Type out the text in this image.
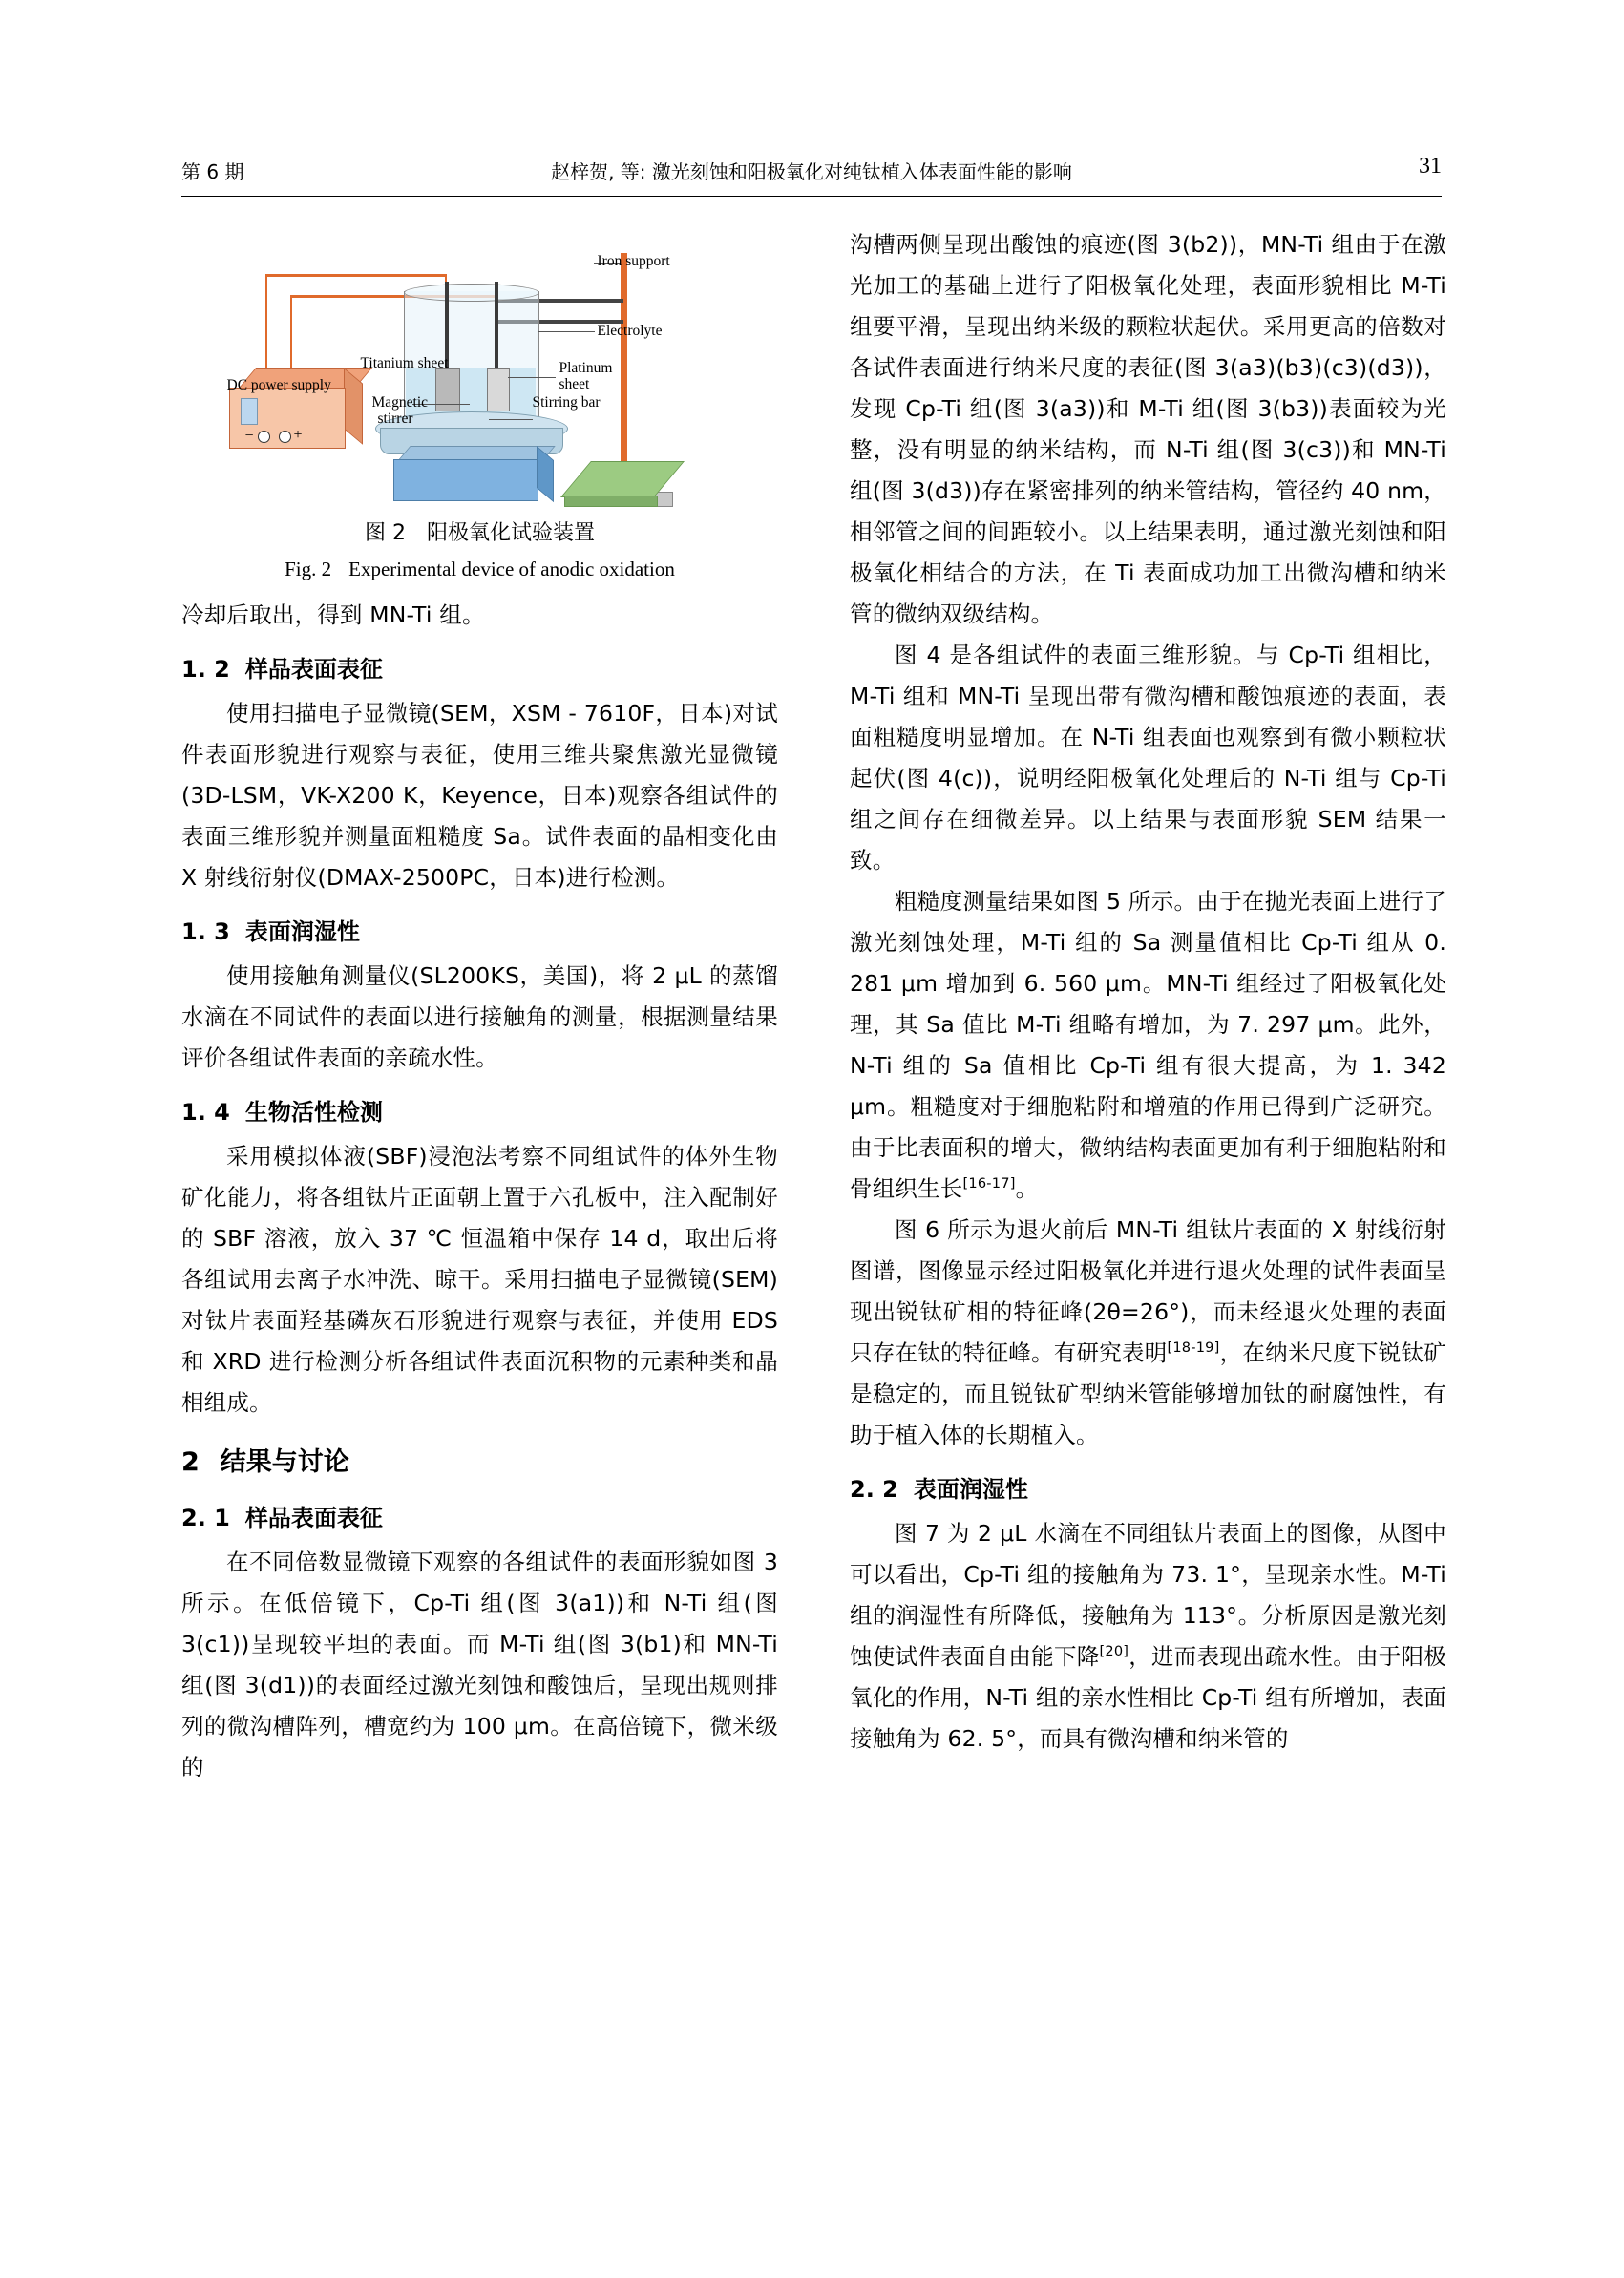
第 6 期	赵梓贺, 等: 激光刻蚀和阳极氧化对纯钛植入体表面性能的影响	31
−	+
Iron support
Electrolyte
Titanium sheet	Platinum
sheet
DC power supply
Magnetic
stirrer
Stirring bar
图 2 阳极氧化试验装置
Fig. 2 Experimental device of anodic oxidation

冷却后取出，得到 MN-Ti 组。

1. 2 样品表面表征

使用扫描电子显微镜(SEM，XSM - 7610F，日本)对试件表面形貌进行观察与表征，使用三维共聚焦激光显微镜(3D-LSM，VK-X200 K，Keyence，日本)观察各组试件的表面三维形貌并测量面粗糙度 Sa。试件表面的晶相变化由 X 射线衍射仪(DMAX-2500PC，日本)进行检测。

1. 3 表面润湿性

使用接触角测量仪(SL200KS，美国)，将 2 μL 的蒸馏水滴在不同试件的表面以进行接触角的测量，根据测量结果评价各组试件表面的亲疏水性。

1. 4 生物活性检测

采用模拟体液(SBF)浸泡法考察不同组试件的体外生物矿化能力，将各组钛片正面朝上置于六孔板中，注入配制好的 SBF 溶液，放入 37 ℃ 恒温箱中保存 14 d，取出后将各组试用去离子水冲洗、晾干。采用扫描电子显微镜(SEM)对钛片表面羟基磷灰石形貌进行观察与表征，并使用 EDS 和 XRD 进行检测分析各组试件表面沉积物的元素种类和晶相组成。

2 结果与讨论
2. 1 样品表面表征

在不同倍数显微镜下观察的各组试件的表面形貌如图 3 所示。在低倍镜下，Cp-Ti 组(图 3(a1))和 N-Ti 组(图 3(c1))呈现较平坦的表面。而 M-Ti 组(图 3(b1)和 MN-Ti 组(图 3(d1))的表面经过激光刻蚀和酸蚀后，呈现出规则排列的微沟槽阵列，槽宽约为 100 μm。在高倍镜下，微米级的

沟槽两侧呈现出酸蚀的痕迹(图 3(b2))，MN-Ti 组由于在激光加工的基础上进行了阳极氧化处理，表面形貌相比 M-Ti 组要平滑，呈现出纳米级的颗粒状起伏。采用更高的倍数对各试件表面进行纳米尺度的表征(图 3(a3)(b3)(c3)(d3))，发现 Cp-Ti 组(图 3(a3))和 M-Ti 组(图 3(b3))表面较为光整，没有明显的纳米结构，而 N-Ti 组(图 3(c3))和 MN-Ti 组(图 3(d3))存在紧密排列的纳米管结构，管径约 40 nm，相邻管之间的间距较小。以上结果表明，通过激光刻蚀和阳极氧化相结合的方法，在 Ti 表面成功加工出微沟槽和纳米管的微纳双级结构。

图 4 是各组试件的表面三维形貌。与 Cp-Ti 组相比，M-Ti 组和 MN-Ti 呈现出带有微沟槽和酸蚀痕迹的表面，表面粗糙度明显增加。在 N-Ti 组表面也观察到有微小颗粒状起伏(图 4(c))，说明经阳极氧化处理后的 N-Ti 组与 Cp-Ti 组之间存在细微差异。以上结果与表面形貌 SEM 结果一致。

粗糙度测量结果如图 5 所示。由于在抛光表面上进行了激光刻蚀处理，M-Ti 组的 Sa 测量值相比 Cp-Ti 组从 0. 281 μm 增加到 6. 560 μm。MN-Ti 组经过了阳极氧化处理，其 Sa 值比 M-Ti 组略有增加，为 7. 297 μm。此外，N-Ti 组的 Sa 值相比 Cp-Ti 组有很大提高，为 1. 342 μm。粗糙度对于细胞粘附和增殖的作用已得到广泛研究。由于比表面积的增大，微纳结构表面更加有利于细胞粘附和骨组织生长[16-17]。

图 6 所示为退火前后 MN-Ti 组钛片表面的 X 射线衍射图谱，图像显示经过阳极氧化并进行退火处理的试件表面呈现出锐钛矿相的特征峰(2θ=26°)，而未经退火处理的表面只存在钛的特征峰。有研究表明[18-19]，在纳米尺度下锐钛矿是稳定的，而且锐钛矿型纳米管能够增加钛的耐腐蚀性，有助于植入体的长期植入。

2. 2 表面润湿性

图 7 为 2 μL 水滴在不同组钛片表面上的图像，从图中可以看出，Cp-Ti 组的接触角为 73. 1°，呈现亲水性。M-Ti 组的润湿性有所降低，接触角为 113°。分析原因是激光刻蚀使试件表面自由能下降[20]，进而表现出疏水性。由于阳极氧化的作用，N-Ti 组的亲水性相比 Cp-Ti 组有所增加，表面接触角为 62. 5°，而具有微沟槽和纳米管的
